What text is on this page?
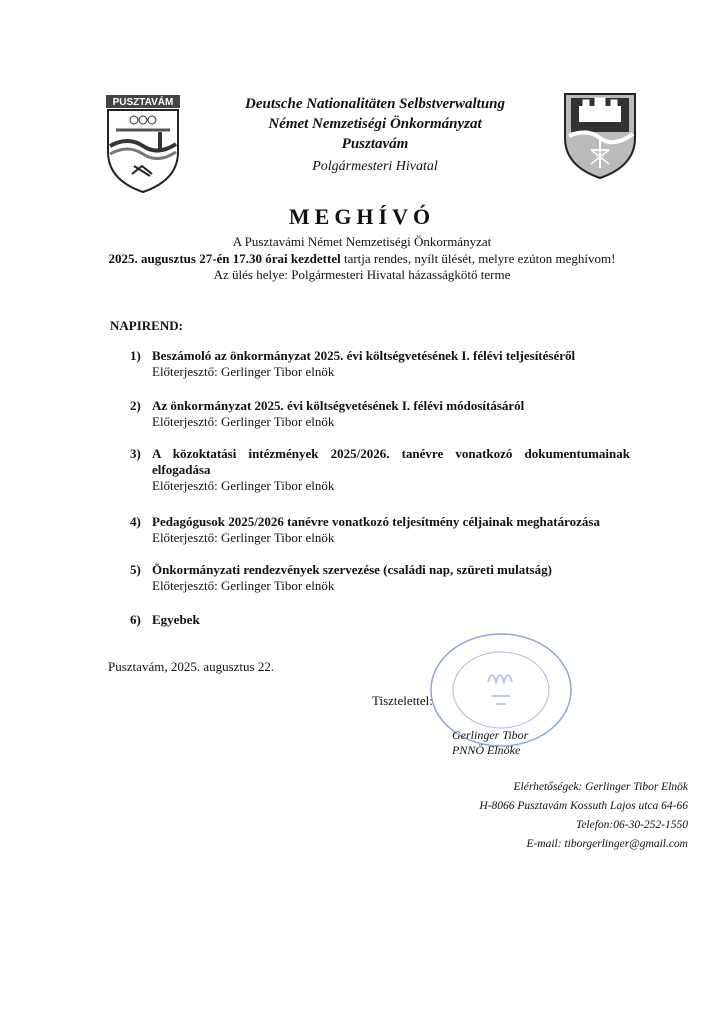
PUSZTAVÁM	Deutsche Nationalitäten Selbstverwaltung
Német Nemzetiségi Önkormányzat
Pusztavám
Polgármesteri Hivatal
MEGHÍVÓ
A Pusztavámi Német Nemzetiségi Önkormányzat
2025. augusztus 27-én 17.30 órai kezdettel tartja rendes, nyílt ülését, melyre ezúton meghívom!
Az ülés helye: Polgármesteri Hivatal házasságkötő terme
NAPIREND:
1) Beszámoló az önkormányzat 2025. évi költségvetésének I. félévi teljesítéséről
Előterjesztő: Gerlinger Tibor elnök
2) Az önkormányzat 2025. évi költségvetésének I. félévi módosításáról
Előterjesztő: Gerlinger Tibor elnök
3) A közoktatási intézmények 2025/2026. tanévre vonatkozó dokumentumainak elfogadása
Előterjesztő: Gerlinger Tibor elnök
4) Pedagógusok 2025/2026 tanévre vonatkozó teljesítmény céljainak meghatározása
Előterjesztő: Gerlinger Tibor elnök
5) Önkormányzati rendezvények szervezése (családi nap, szüreti mulatság)
Előterjesztő: Gerlinger Tibor elnök
6) Egyebek
Pusztavám, 2025. augusztus 22.
Tisztelettel:
Gerlinger Tibor
PNNÖ Elnöke
Elérhetőségek: Gerlinger Tibor Elnök
H-8066 Pusztavám Kossuth Lajos utca 64-66
Telefon:06-30-252-1550
E-mail: tiborgerlinger@gmail.com
